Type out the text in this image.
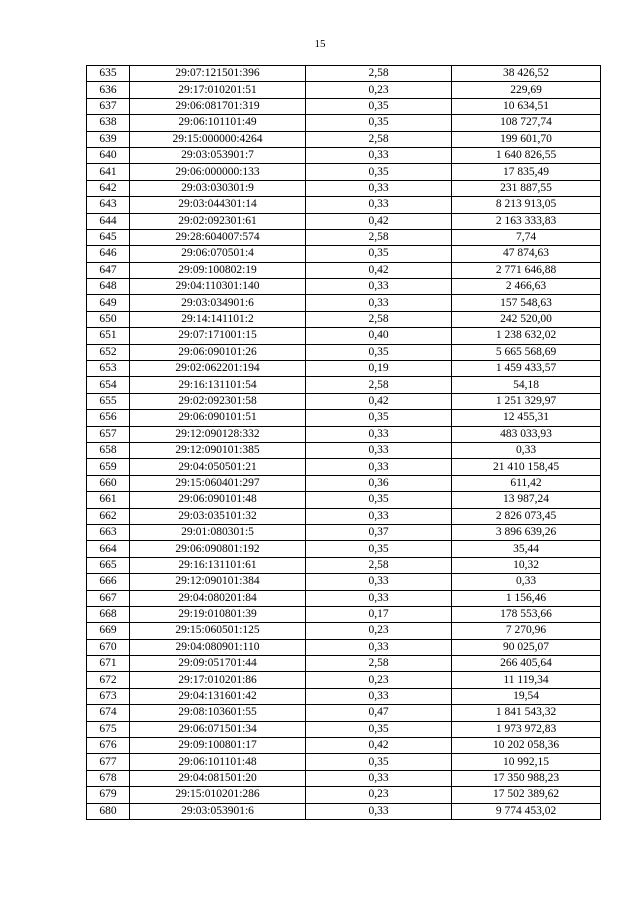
15
635	29:07:121501:396	2,58	38 426,52
636	29:17:010201:51	0,23	229,69
637	29:06:081701:319	0,35	10 634,51
638	29:06:101101:49	0,35	108 727,74
639	29:15:000000:4264	2,58	199 601,70
640	29:03:053901:7	0,33	1 640 826,55
641	29:06:000000:133	0,35	17 835,49
642	29:03:030301:9	0,33	231 887,55
643	29:03:044301:14	0,33	8 213 913,05
644	29:02:092301:61	0,42	2 163 333,83
645	29:28:604007:574	2,58	7,74
646	29:06:070501:4	0,35	47 874,63
647	29:09:100802:19	0,42	2 771 646,88
648	29:04:110301:140	0,33	2 466,63
649	29:03:034901:6	0,33	157 548,63
650	29:14:141101:2	2,58	242 520,00
651	29:07:171001:15	0,40	1 238 632,02
652	29:06:090101:26	0,35	5 665 568,69
653	29:02:062201:194	0,19	1 459 433,57
654	29:16:131101:54	2,58	54,18
655	29:02:092301:58	0,42	1 251 329,97
656	29:06:090101:51	0,35	12 455,31
657	29:12:090128:332	0,33	483 033,93
658	29:12:090101:385	0,33	0,33
659	29:04:050501:21	0,33	21 410 158,45
660	29:15:060401:297	0,36	611,42
661	29:06:090101:48	0,35	13 987,24
662	29:03:035101:32	0,33	2 826 073,45
663	29:01:080301:5	0,37	3 896 639,26
664	29:06:090801:192	0,35	35,44
665	29:16:131101:61	2,58	10,32
666	29:12:090101:384	0,33	0,33
667	29:04:080201:84	0,33	1 156,46
668	29:19:010801:39	0,17	178 553,66
669	29:15:060501:125	0,23	7 270,96
670	29:04:080901:110	0,33	90 025,07
671	29:09:051701:44	2,58	266 405,64
672	29:17:010201:86	0,23	11 119,34
673	29:04:131601:42	0,33	19,54
674	29:08:103601:55	0,47	1 841 543,32
675	29:06:071501:34	0,35	1 973 972,83
676	29:09:100801:17	0,42	10 202 058,36
677	29:06:101101:48	0,35	10 992,15
678	29:04:081501:20	0,33	17 350 988,23
679	29:15:010201:286	0,23	17 502 389,62
680	29:03:053901:6	0,33	9 774 453,02
